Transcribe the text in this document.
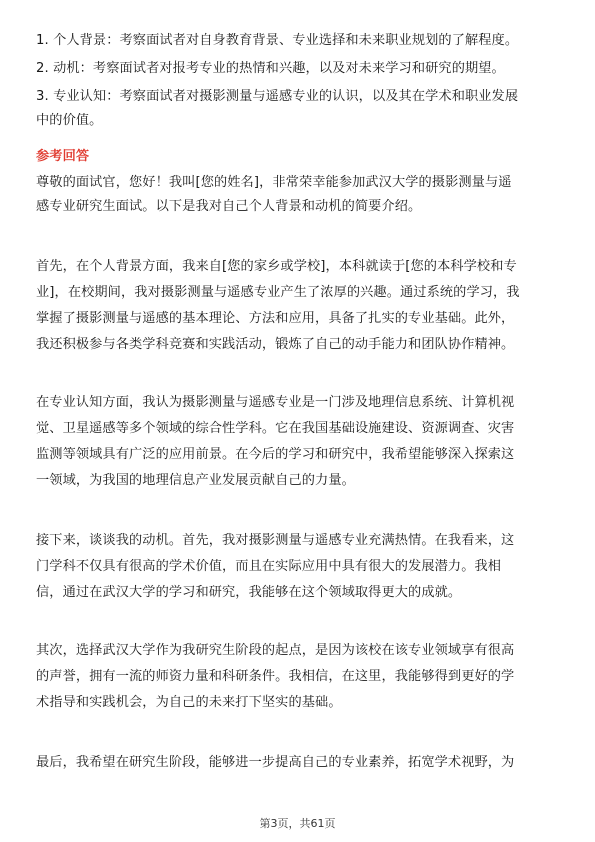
1. 个人背景：考察面试者对自身教育背景、专业选择和未来职业规划的了解程度。
2. 动机：考察面试者对报考专业的热情和兴趣，以及对未来学习和研究的期望。
3. 专业认知：考察面试者对摄影测量与遥感专业的认识，以及其在学术和职业发展
中的价值。
参考回答
尊敬的面试官，您好！我叫[您的姓名]，非常荣幸能参加武汉大学的摄影测量与遥
感专业研究生面试。以下是我对自己个人背景和动机的简要介绍。
首先，在个人背景方面，我来自[您的家乡或学校]，本科就读于[您的本科学校和专
业]，在校期间，我对摄影测量与遥感专业产生了浓厚的兴趣。通过系统的学习，我
掌握了摄影测量与遥感的基本理论、方法和应用，具备了扎实的专业基础。此外，
我还积极参与各类学科竞赛和实践活动，锻炼了自己的动手能力和团队协作精神。
在专业认知方面，我认为摄影测量与遥感专业是一门涉及地理信息系统、计算机视
觉、卫星遥感等多个领域的综合性学科。它在我国基础设施建设、资源调查、灾害
监测等领域具有广泛的应用前景。在今后的学习和研究中，我希望能够深入探索这
一领域，为我国的地理信息产业发展贡献自己的力量。
接下来，谈谈我的动机。首先，我对摄影测量与遥感专业充满热情。在我看来，这
门学科不仅具有很高的学术价值，而且在实际应用中具有很大的发展潜力。我相
信，通过在武汉大学的学习和研究，我能够在这个领域取得更大的成就。
其次，选择武汉大学作为我研究生阶段的起点，是因为该校在该专业领域享有很高
的声誉，拥有一流的师资力量和科研条件。我相信，在这里，我能够得到更好的学
术指导和实践机会，为自己的未来打下坚实的基础。
最后，我希望在研究生阶段，能够进一步提高自己的专业素养，拓宽学术视野，为
第3页，共61页
